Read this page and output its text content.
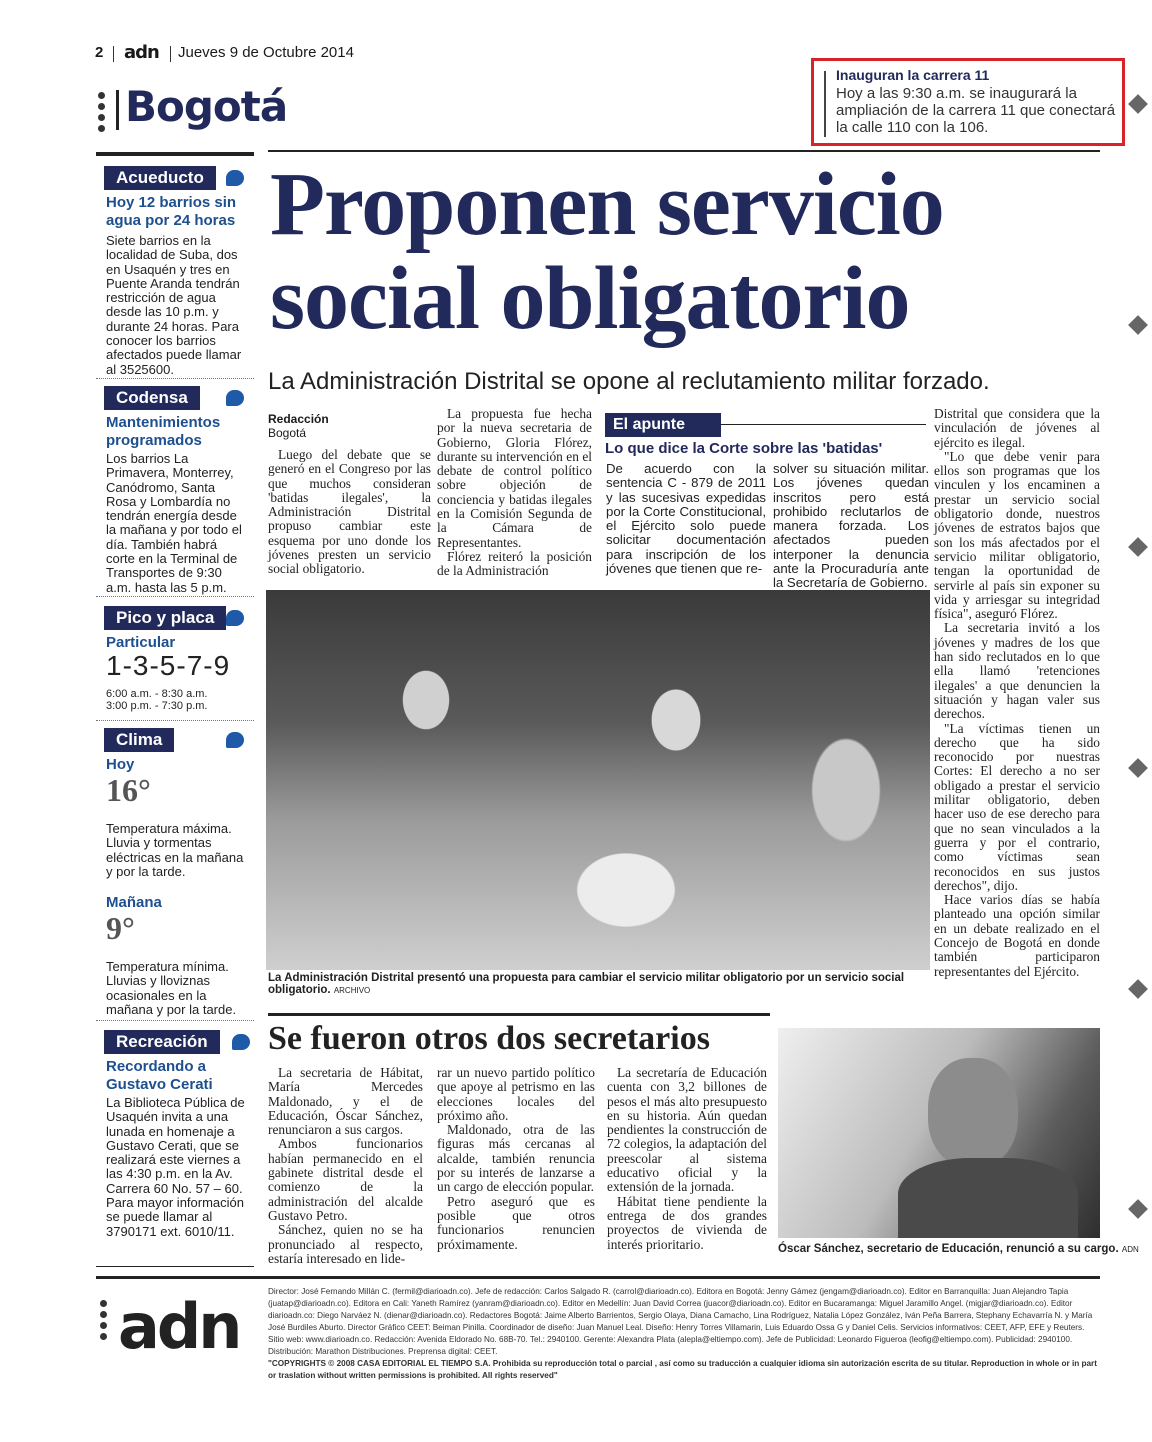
2 adn Jueves 9 de Octubre 2014
Bogotá
Inauguran la carrera 11
Hoy a las 9:30 a.m. se inaugurará la ampliación de la carrera 11 que conectará la calle 110 con la 106.
Acueducto
Hoy 12 barrios sin agua por 24 horas
Siete barrios en la localidad de Suba, dos en Usaquén y tres en Puente Aranda tendrán restricción de agua desde las 10 p.m. y durante 24 horas. Para conocer los barrios afectados puede llamar al 3525600.
Codensa
Mantenimientos programados
Los barrios La Primavera, Monterrey, Canódromo, Santa Rosa y Lombardía no tendrán energía desde la mañana y por todo el día. También habrá corte en la Terminal de Transportes de 9:30 a.m. hasta las 5 p.m.
Pico y placa
Particular
1-3-5-7-9
6:00 a.m. - 8:30 a.m.
3:00 p.m. - 7:30 p.m.
Clima
Hoy
16°
Temperatura máxima. Lluvia y tormentas eléctricas en la mañana y por la tarde.
Mañana
9°
Temperatura mínima. Lluvias y lloviznas ocasionales en la mañana y por la tarde.
Recreación
Recordando a Gustavo Cerati
La Biblioteca Pública de Usaquén invita a una lunada en homenaje a Gustavo Cerati, que se realizará este viernes a las 4:30 p.m. en la Av. Carrera 60 No. 57 – 60. Para mayor información se puede llamar al 3790171 ext. 6010/11.
Proponen servicio
social obligatorio
La Administración Distrital se opone al reclutamiento militar forzado.
Redacción
Bogotá

Luego del debate que se generó en el Congreso por las que muchos consideran 'batidas ilegales', la Administración Distrital propuso cambiar este esquema por uno donde los jóvenes presten un servicio social obligatorio.

La propuesta fue hecha por la nueva secretaria de Gobierno, Gloria Flórez, durante su intervención en el debate de control político sobre objeción de conciencia y batidas ilegales en la Comisión Segunda de la Cámara de Representantes.

Flórez reiteró la posición de la Administración

El apunte
Lo que dice la Corte sobre las 'batidas'
De acuerdo con la sentencia C - 879 de 2011 y las sucesivas expedidas por la Corte Constitucional, el Ejército solo puede solicitar documentación para inscripción de los jóvenes que tienen que re-
solver su situación militar. Los jóvenes quedan inscritos pero está prohibido reclutarlos de manera forzada. Los afectados pueden interponer la denuncia ante la Procuraduría ante la Secretaría de Gobierno.

Distrital que considera que la vinculación de jóvenes al ejército es ilegal.

"Lo que debe venir para ellos son programas que los vinculen y los encaminen a prestar un servicio social obligatorio donde, nuestros jóvenes de estratos bajos que son los más afectados por el servicio militar obligatorio, tengan la oportunidad de servirle al país sin exponer su vida y arriesgar su integridad física", aseguró Flórez.

La secretaria invitó a los jóvenes y madres de los que han sido reclutados en lo que ella llamó 'retenciones ilegales' a que denuncien la situación y hagan valer sus derechos.

"La víctimas tienen un derecho que ha sido reconocido por nuestras Cortes: El derecho a no ser obligado a prestar el servicio militar obligatorio, deben hacer uso de ese derecho para que no sean vinculados a la guerra y por el contrario, como víctimas sean reconocidos en sus justos derechos", dijo.

Hace varios días se había planteado una opción similar en un debate realizado en el Concejo de Bogotá en donde también participaron representantes del Ejército.

La Administración Distrital presentó una propuesta para cambiar el servicio militar obligatorio por un servicio social obligatorio. ARCHIVO
Se fueron otros dos secretarios

La secretaria de Hábitat, María Mercedes Maldonado, y el de Educación, Óscar Sánchez, renunciaron a sus cargos.

Ambos funcionarios habían permanecido en el gabinete distrital desde el comienzo de la administración del alcalde Gustavo Petro.

Sánchez, quien no se ha pronunciado al respecto, estaría interesado en lide-

rar un nuevo partido político que apoye al petrismo en las elecciones locales del próximo año.

Maldonado, otra de las figuras más cercanas al alcalde, también renuncia por su interés de lanzarse a un cargo de elección popular.

Petro aseguró que es posible que otros funcionarios renuncien próximamente.

La secretaría de Educación cuenta con 3,2 billones de pesos el más alto presupuesto en su historia. Aún quedan pendientes la construcción de 72 colegios, la adaptación del preescolar al sistema educativo oficial y la extensión de la jornada.

Hábitat tiene pendiente la entrega de dos grandes proyectos de vivienda de interés prioritario.	Óscar Sánchez, secretario de Educación, renunció a su cargo. ADN
adn	Director: José Fernando Millán C. (fermil@diarioadn.co). Jefe de redacción: Carlos Salgado R. (carrol@diarioadn.co). Editora en Bogotá: Jenny Gámez (jengam@diarioadn.co). Editor en Barranquilla: Juan Alejandro Tapia (juatap@diarioadn.co). Editora en Cali: Yaneth Ramírez (yanram@diarioadn.co). Editor en Medellín: Juan David Correa (juacor@diarioadn.co). Editor en Bucaramanga: Miguel Jaramillo Angel. (migjar@diarioadn.co). Editor diarioadn.co: Diego Narváez N. (dienar@diarioadn.co). Redactores Bogotá: Jaime Alberto Barrientos, Sergio Olaya, Diana Camacho, Lina Rodríguez, Natalia López González, Iván Peña Barrera, Stephany Echavarría N. y María José Burdiles Aburto. Director Gráfico CEET: Beiman Pinilla. Coordinador de diseño: Juan Manuel Leal. Diseño: Henry Torres Villamarin, Luis Eduardo Ossa G y Daniel Celis. Servicios informativos: CEET, AFP, EFE y Reuters. Sitio web: www.diarioadn.co. Redacción: Avenida Eldorado No. 68B-70. Tel.: 2940100. Gerente: Alexandra Plata (alepla@eltiempo.com). Jefe de Publicidad: Leonardo Figueroa (leofig@eltiempo.com). Publicidad: 2940100. Distribución: Marathon Distribuciones. Preprensa digital: CEET.
"COPYRIGHTS © 2008 CASA EDITORIAL EL TIEMPO S.A. Prohibida su reproducción total o parcial , así como su traducción a cualquier idioma sin autorización escrita de su titular. Reproduction in whole or in part or traslation without written permissions is prohibited. All rights reserved"
